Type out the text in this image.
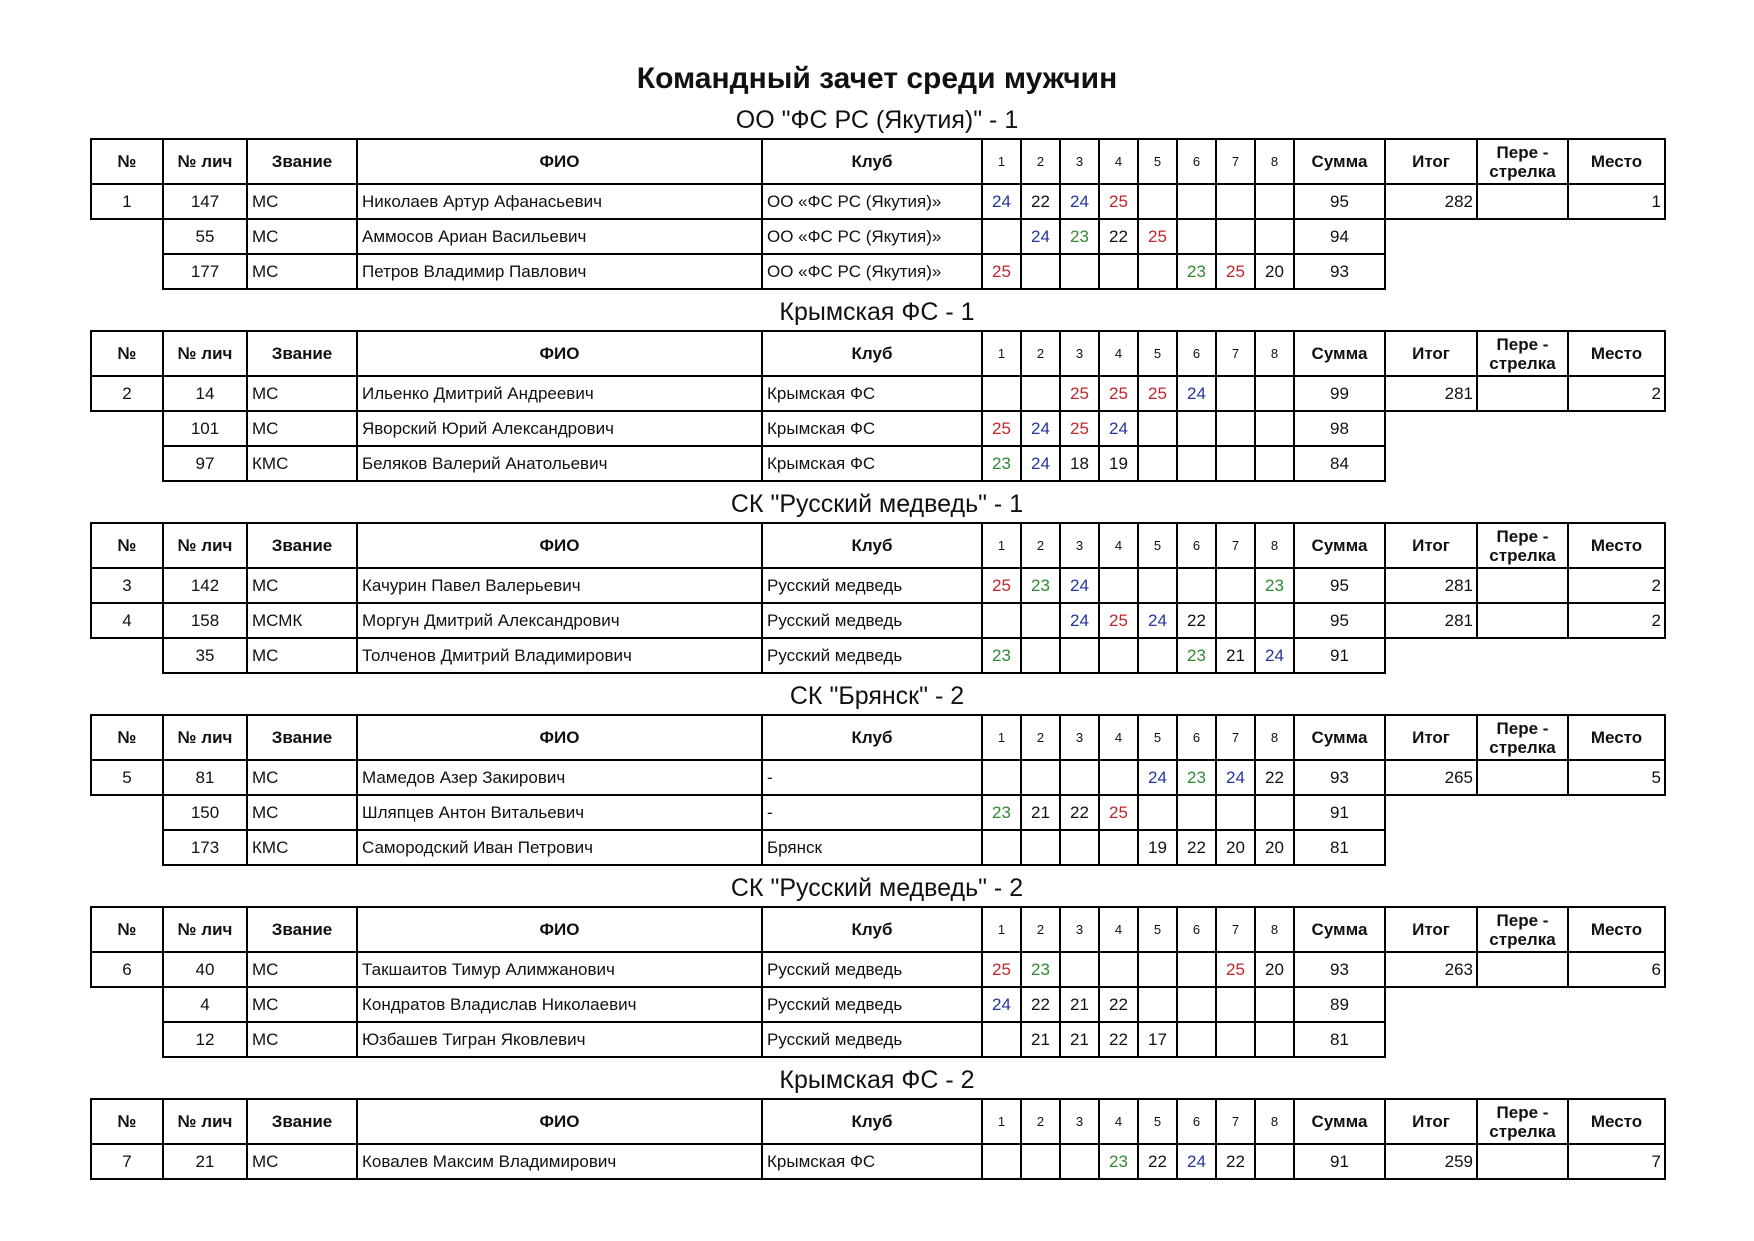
Командный зачет среди мужчин
ОО "ФС РС (Якутия)" - 1
№	№ лич	Звание	ФИО	Клуб	1	2	3	4	5	6	7	8	Сумма	Итог	Пере - стрелка	Место
1	147	МС	Николаев Артур Афанасьевич	ОО «ФС РС (Якутия)»	24	22	24	25					95	282		1
	55	МС	Аммосов Ариан Васильевич	ОО «ФС РС (Якутия)»		24	23	22	25				94			
	177	МС	Петров Владимир Павлович	ОО «ФС РС (Якутия)»	25					23	25	20	93			
Крымская ФС - 1
№	№ лич	Звание	ФИО	Клуб	1	2	3	4	5	6	7	8	Сумма	Итог	Пере - стрелка	Место
2	14	МС	Ильенко Дмитрий Андреевич	Крымская ФС			25	25	25	24			99	281		2
	101	МС	Яворский Юрий Александрович	Крымская ФС	25	24	25	24					98			
	97	КМС	Беляков Валерий Анатольевич	Крымская ФС	23	24	18	19					84			
СК "Русский медведь" - 1
№	№ лич	Звание	ФИО	Клуб	1	2	3	4	5	6	7	8	Сумма	Итог	Пере - стрелка	Место
3	142	МС	Качурин Павел Валерьевич	Русский медведь	25	23	24					23	95	281		2
4	158	МСМК	Моргун Дмитрий Александрович	Русский медведь			24	25	24	22			95	281		2
	35	МС	Толченов Дмитрий Владимирович	Русский медведь	23					23	21	24	91			
СК "Брянск" - 2
№	№ лич	Звание	ФИО	Клуб	1	2	3	4	5	6	7	8	Сумма	Итог	Пере - стрелка	Место
5	81	МС	Мамедов Азер Закирович	-					24	23	24	22	93	265		5
	150	МС	Шляпцев Антон Витальевич	-	23	21	22	25					91			
	173	КМС	Самородский Иван Петрович	Брянск					19	22	20	20	81			
СК "Русский медведь" - 2
№	№ лич	Звание	ФИО	Клуб	1	2	3	4	5	6	7	8	Сумма	Итог	Пере - стрелка	Место
6	40	МС	Такшаитов Тимур Алимжанович	Русский медведь	25	23					25	20	93	263		6
	4	МС	Кондратов Владислав Николаевич	Русский медведь	24	22	21	22					89			
	12	МС	Юзбашев Тигран Яковлевич	Русский медведь		21	21	22	17				81			
Крымская ФС - 2
№	№ лич	Звание	ФИО	Клуб	1	2	3	4	5	6	7	8	Сумма	Итог	Пере - стрелка	Место
7	21	МС	Ковалев Максим Владимирович	Крымская ФС				23	22	24	22		91	259		7
